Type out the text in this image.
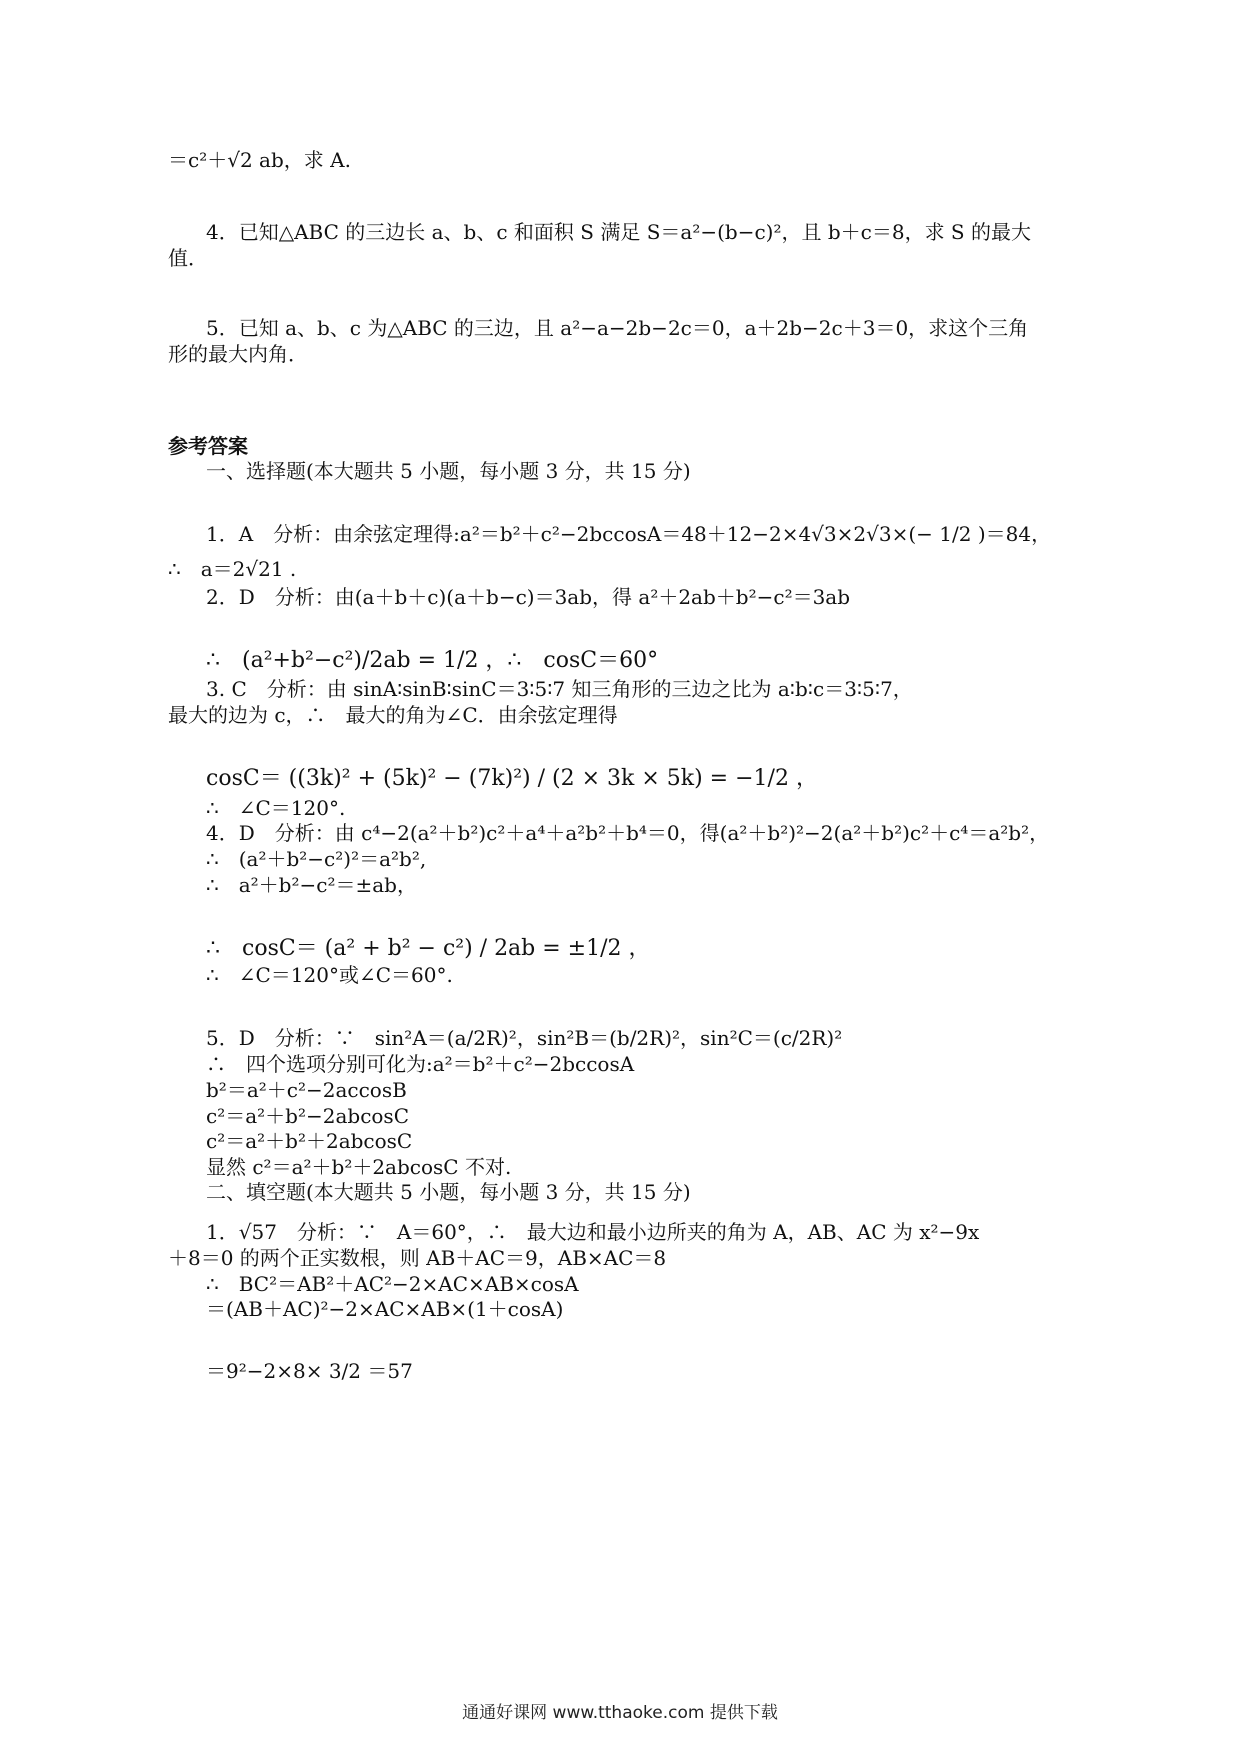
＝c²＋√2 ab，求 A.
4．已知△ABC 的三边长 a、b、c 和面积 S 满足 S＝a²−(b−c)²，且 b＋c＝8，求 S 的最大
值．
5．已知 a、b、c 为△ABC 的三边，且 a²−a−2b−2c＝0，a＋2b−2c＋3＝0，求这个三角
形的最大内角．
参考答案
一、选择题(本大题共 5 小题，每小题 3 分，共 15 分)
1．A　分析：由余弦定理得:a²＝b²＋c²−2bccosA＝48＋12−2×4√3×2√3×(− 1/2 )＝84，
∴　a＝2√21 .
2．D　分析：由(a＋b＋c)(a＋b−c)＝3ab，得 a²＋2ab＋b²−c²＝3ab
∴　(a²+b²−c²)/2ab = 1/2 ，∴　cosC＝60°
3. C　分析：由 sinA∶sinB∶sinC＝3∶5∶7 知三角形的三边之比为 a∶b∶c＝3∶5∶7，
最大的边为 c，∴　最大的角为∠C．由余弦定理得
cosC＝ ((3k)² + (5k)² − (7k)²) / (2 × 3k × 5k) = −1/2 ，
∴　∠C＝120°.
4．D　分析：由 c⁴−2(a²＋b²)c²＋a⁴＋a²b²＋b⁴＝0，得(a²＋b²)²−2(a²＋b²)c²＋c⁴＝a²b²，
∴　(a²＋b²−c²)²＝a²b²,
∴　a²＋b²−c²＝±ab，
∴　cosC＝ (a² + b² − c²) / 2ab = ±1/2 ，
∴　∠C＝120°或∠C＝60°.
5．D　分析：∵　sin²A＝(a/2R)²，sin²B＝(b/2R)²，sin²C＝(c/2R)²
∴　四个选项分别可化为:a²＝b²＋c²−2bccosA
b²＝a²＋c²−2accosB
c²＝a²＋b²−2abcosC
c²＝a²＋b²＋2abcosC
显然 c²＝a²＋b²＋2abcosC 不对.
二、填空题(本大题共 5 小题，每小题 3 分，共 15 分)
1．√57　分析：∵　A＝60°，∴　最大边和最小边所夹的角为 A，AB、AC 为 x²−9x
＋8＝0 的两个正实数根，则 AB＋AC＝9，AB×AC＝8
∴　BC²＝AB²＋AC²−2×AC×AB×cosA
＝(AB＋AC)²−2×AC×AB×(1＋cosA)
＝9²−2×8× 3/2 ＝57
通通好课网 www.tthaoke.com 提供下载
